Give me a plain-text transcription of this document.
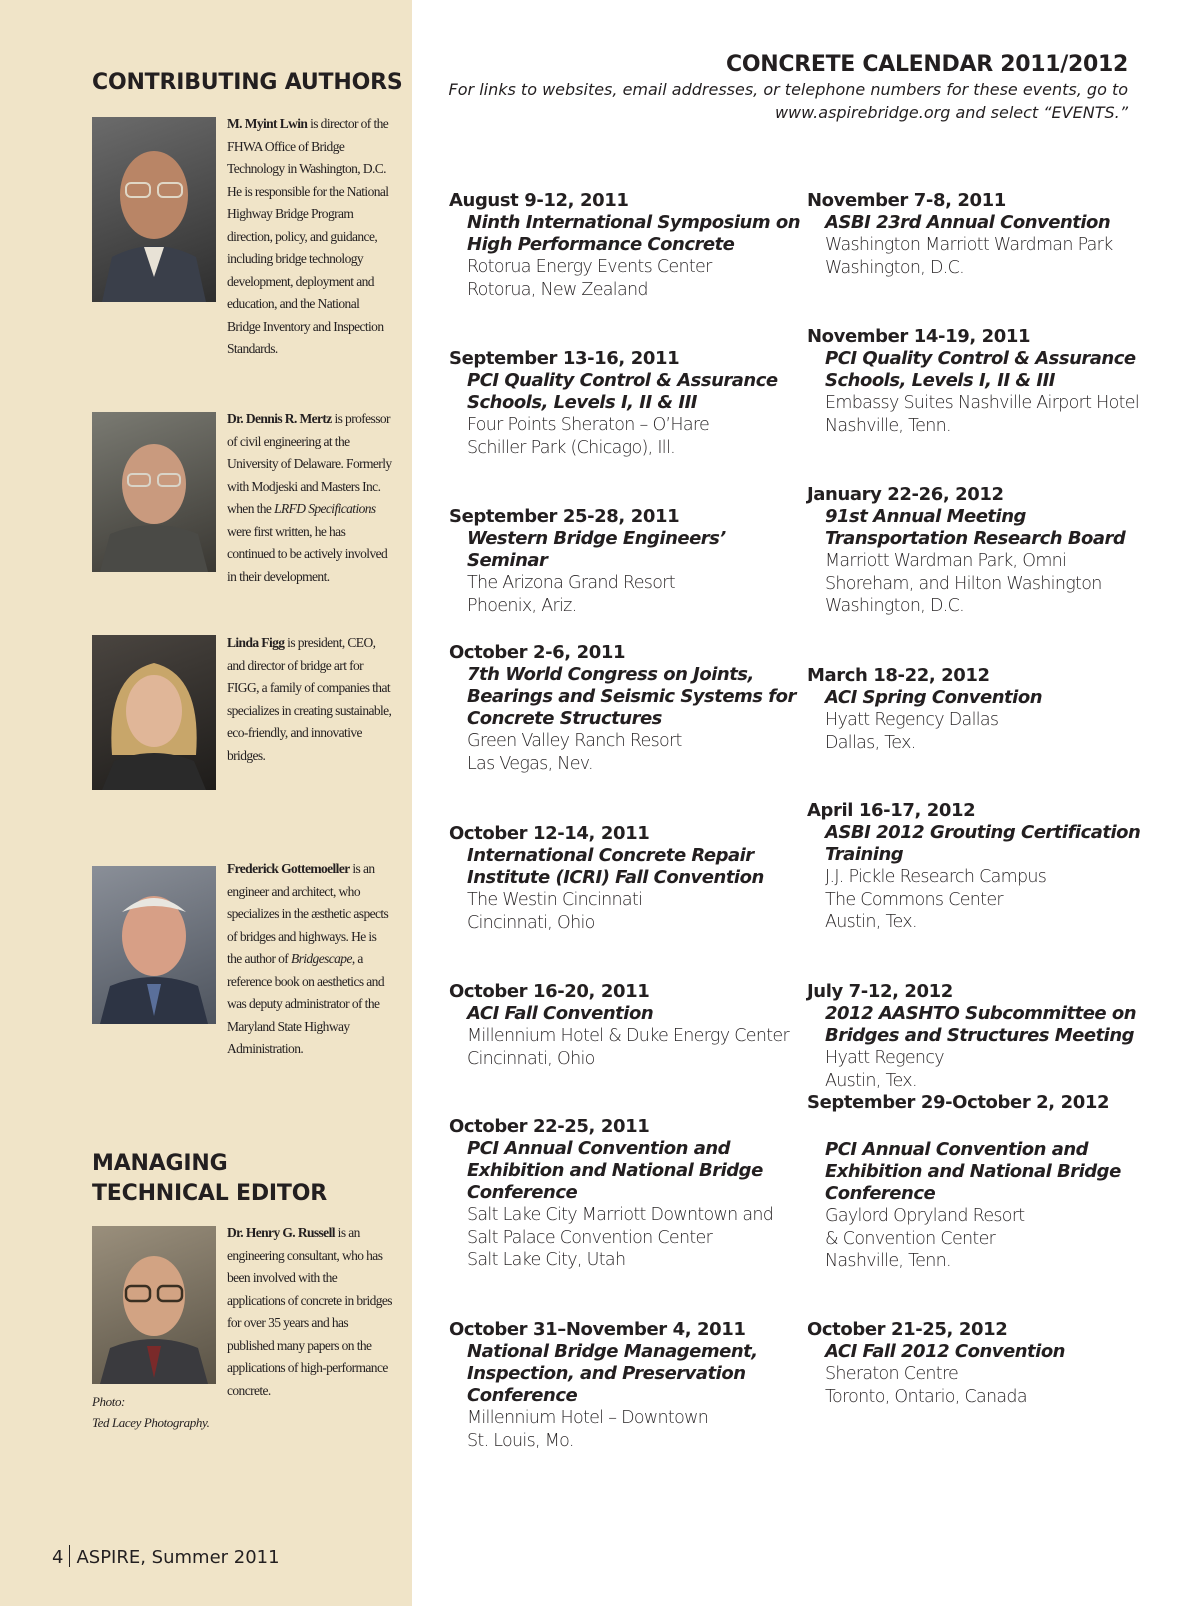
CONTRIBUTING AUTHORS
M. Myint Lwin is director of the FHWA Office of Bridge Technology in Washington, D.C. He is responsible for the National Highway Bridge Program direction, policy, and guidance, including bridge technology development, deployment and education, and the National Bridge Inventory and Inspection Standards.
Dr. Dennis R. Mertz is professor of civil engineering at the University of Delaware. Formerly with Modjeski and Masters Inc. when the LRFD Specifications were first written, he has continued to be actively involved in their development.
Linda Figg is president, CEO, and director of bridge art for FIGG, a family of companies that specializes in creating sustainable, eco-friendly, and innovative bridges.
Frederick Gottemoeller is an engineer and architect, who specializes in the æsthetic aspects of bridges and highways. He is the author of Bridgescape, a reference book on aesthetics and was deputy administrator of the Maryland State Highway Administration.
MANAGING
TECHNICAL EDITOR
Dr. Henry G. Russell is an engineering consultant, who has been involved with the applications of concrete in bridges for over 35 years and has published many papers on the applications of high-performance concrete.
Photo:
Ted Lacey Photography.
4 ASPIRE, Summer 2011
CONCRETE CALENDAR 2011/2012
For links to websites, email addresses, or telephone numbers for these events, go to www.aspirebridge.org and select “EVENTS.”
August 9-12, 2011
Ninth International Symposium on
High Performance Concrete
Rotorua Energy Events Center
Rotorua, New Zealand
September 13-16, 2011
PCI Quality Control & Assurance
Schools, Levels I, II & III
Four Points Sheraton – O’Hare
Schiller Park (Chicago), Ill.
September 25-28, 2011
Western Bridge Engineers’ Seminar
The Arizona Grand Resort
Phoenix, Ariz.
October 2-6, 2011
7th World Congress on Joints,
Bearings and Seismic Systems for
Concrete Structures
Green Valley Ranch Resort
Las Vegas, Nev.
October 12-14, 2011
International Concrete Repair
Institute (ICRI) Fall Convention
The Westin Cincinnati
Cincinnati, Ohio
October 16-20, 2011
ACI Fall Convention
Millennium Hotel & Duke Energy Center
Cincinnati, Ohio
October 22-25, 2011
PCI Annual Convention and
Exhibition and National Bridge
Conference
Salt Lake City Marriott Downtown and
Salt Palace Convention Center
Salt Lake City, Utah
October 31–November 4, 2011
National Bridge Management,
Inspection, and Preservation
Conference
Millennium Hotel – Downtown
St. Louis, Mo.
November 7-8, 2011
ASBI 23rd Annual Convention
Washington Marriott Wardman Park
Washington, D.C.
November 14-19, 2011
PCI Quality Control & Assurance
Schools, Levels I, II & III
Embassy Suites Nashville Airport Hotel
Nashville, Tenn.
January 22-26, 2012
91st Annual Meeting
Transportation Research Board
Marriott Wardman Park, Omni
Shoreham, and Hilton Washington
Washington, D.C.
March 18-22, 2012
ACI Spring Convention
Hyatt Regency Dallas
Dallas, Tex.
April 16-17, 2012
ASBI 2012 Grouting Certification
Training
J.J. Pickle Research Campus
The Commons Center
Austin, Tex.
July 7-12, 2012
2012 AASHTO Subcommittee on
Bridges and Structures Meeting
Hyatt Regency
Austin, Tex.
September 29-October 2, 2012
PCI Annual Convention and
Exhibition and National Bridge
Conference
Gaylord Opryland Resort
& Convention Center
Nashville, Tenn.
October 21-25, 2012
ACI Fall 2012 Convention
Sheraton Centre
Toronto, Ontario, Canada
